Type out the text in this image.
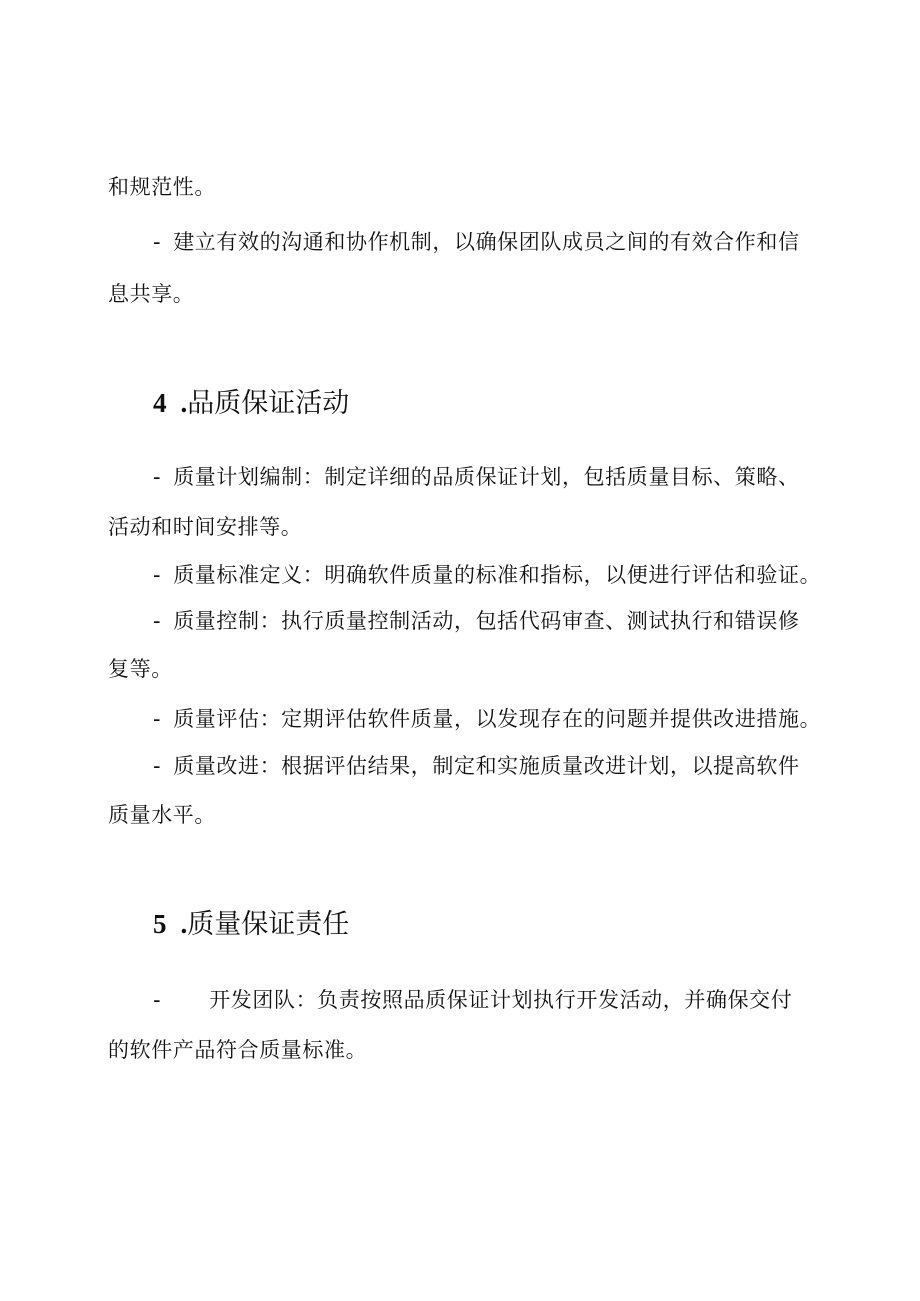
和规范性。
- 建立有效的沟通和协作机制，以确保团队成员之间的有效合作和信
息共享。
4 .品质保证活动
- 质量计划编制：制定详细的品质保证计划，包括质量目标、策略、
活动和时间安排等。
- 质量标准定义：明确软件质量的标准和指标，以便进行评估和验证。
- 质量控制：执行质量控制活动，包括代码审查、测试执行和错误修
复等。
- 质量评估：定期评估软件质量，以发现存在的问题并提供改进措施。
- 质量改进：根据评估结果，制定和实施质量改进计划，以提高软件
质量水平。
5 .质量保证责任
- 开发团队：负责按照品质保证计划执行开发活动，并确保交付
的软件产品符合质量标准。
